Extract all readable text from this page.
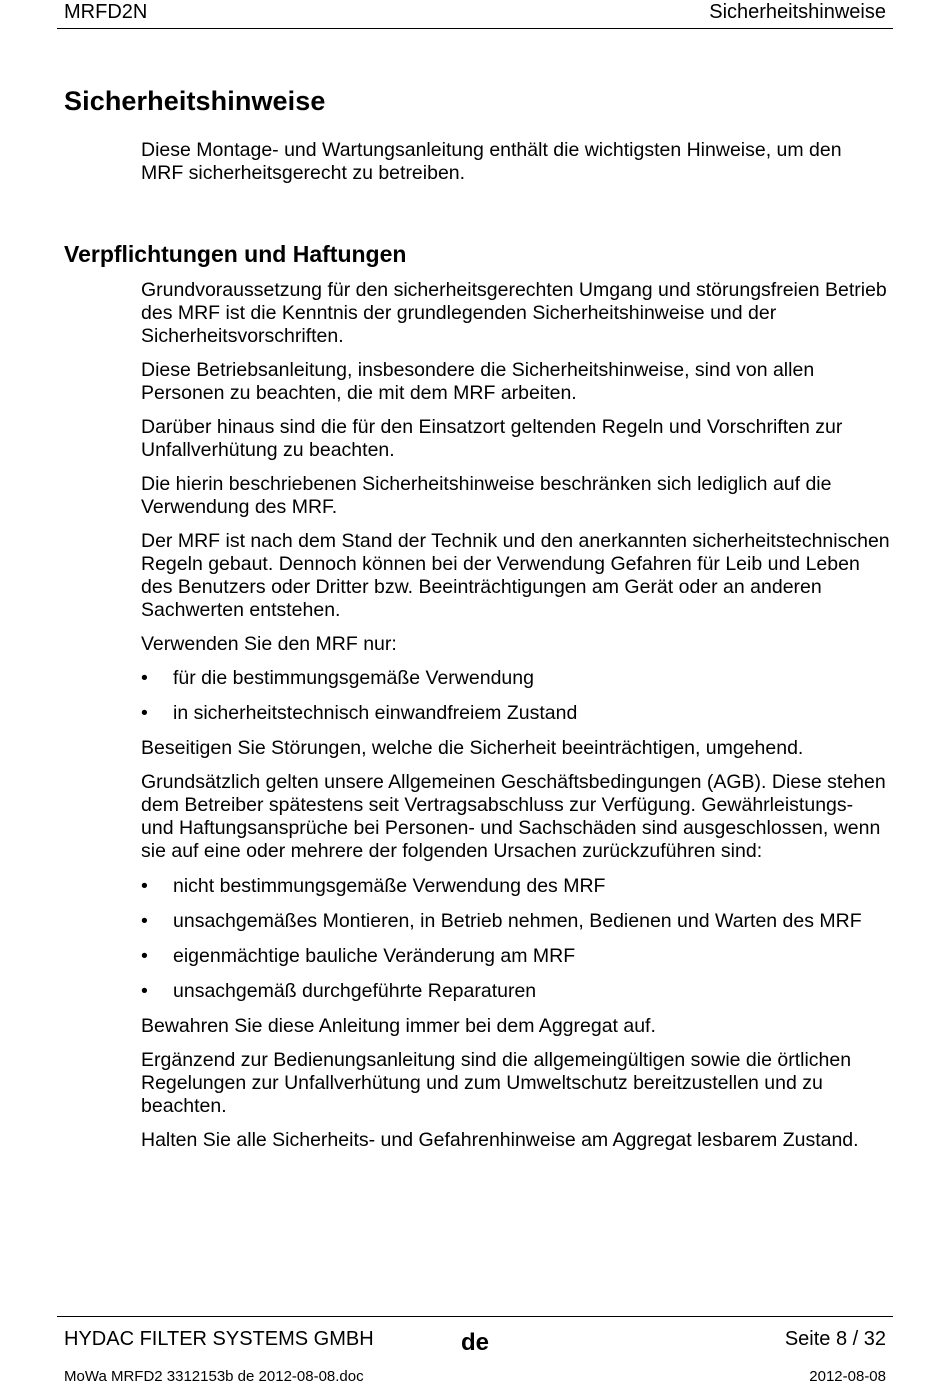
MRFD2N	Sicherheitshinweise
Sicherheitshinweise

Diese Montage- und Wartungsanleitung enthält die wichtigsten Hinweise, um den MRF sicherheitsgerecht zu betreiben.

Verpflichtungen und Haftungen

Grundvoraussetzung für den sicherheitsgerechten Umgang und störungsfreien Betrieb des MRF ist die Kenntnis der grundlegenden Sicherheitshinweise und der Sicherheitsvorschriften.

Diese Betriebsanleitung, insbesondere die Sicherheitshinweise, sind von allen Personen zu beachten, die mit dem MRF arbeiten.

Darüber hinaus sind die für den Einsatzort geltenden Regeln und Vorschriften zur Unfallverhütung zu beachten.

Die hierin beschriebenen Sicherheitshinweise beschränken sich lediglich auf die Verwendung des MRF.

Der MRF ist nach dem Stand der Technik und den anerkannten sicherheitstechnischen Regeln gebaut. Dennoch können bei der Verwendung Gefahren für Leib und Leben des Benutzers oder Dritter bzw. Beeinträchtigungen am Gerät oder an anderen Sachwerten entstehen.

Verwenden Sie den MRF nur:

• für die bestimmungsgemäße Verwendung
• in sicherheitstechnisch einwandfreiem Zustand

Beseitigen Sie Störungen, welche die Sicherheit beeinträchtigen, umgehend.

Grundsätzlich gelten unsere Allgemeinen Geschäftsbedingungen (AGB). Diese stehen dem Betreiber spätestens seit Vertragsabschluss zur Verfügung. Gewährleistungs- und Haftungsansprüche bei Personen- und Sachschäden sind ausgeschlossen, wenn sie auf eine oder mehrere der folgenden Ursachen zurückzuführen sind:

• nicht bestimmungsgemäße Verwendung des MRF
• unsachgemäßes Montieren, in Betrieb nehmen, Bedienen und Warten des MRF
• eigenmächtige bauliche Veränderung am MRF
• unsachgemäß durchgeführte Reparaturen

Bewahren Sie diese Anleitung immer bei dem Aggregat auf.

Ergänzend zur Bedienungsanleitung sind die allgemeingültigen sowie die örtlichen Regelungen zur Unfallverhütung und zum Umweltschutz bereitzustellen und zu beachten.

Halten Sie alle Sicherheits- und Gefahrenhinweise am Aggregat lesbarem Zustand.

HYDAC FILTER SYSTEMS GMBH	de	Seite 8 / 32
MoWa MRFD2 3312153b de 2012-08-08.doc	2012-08-08
